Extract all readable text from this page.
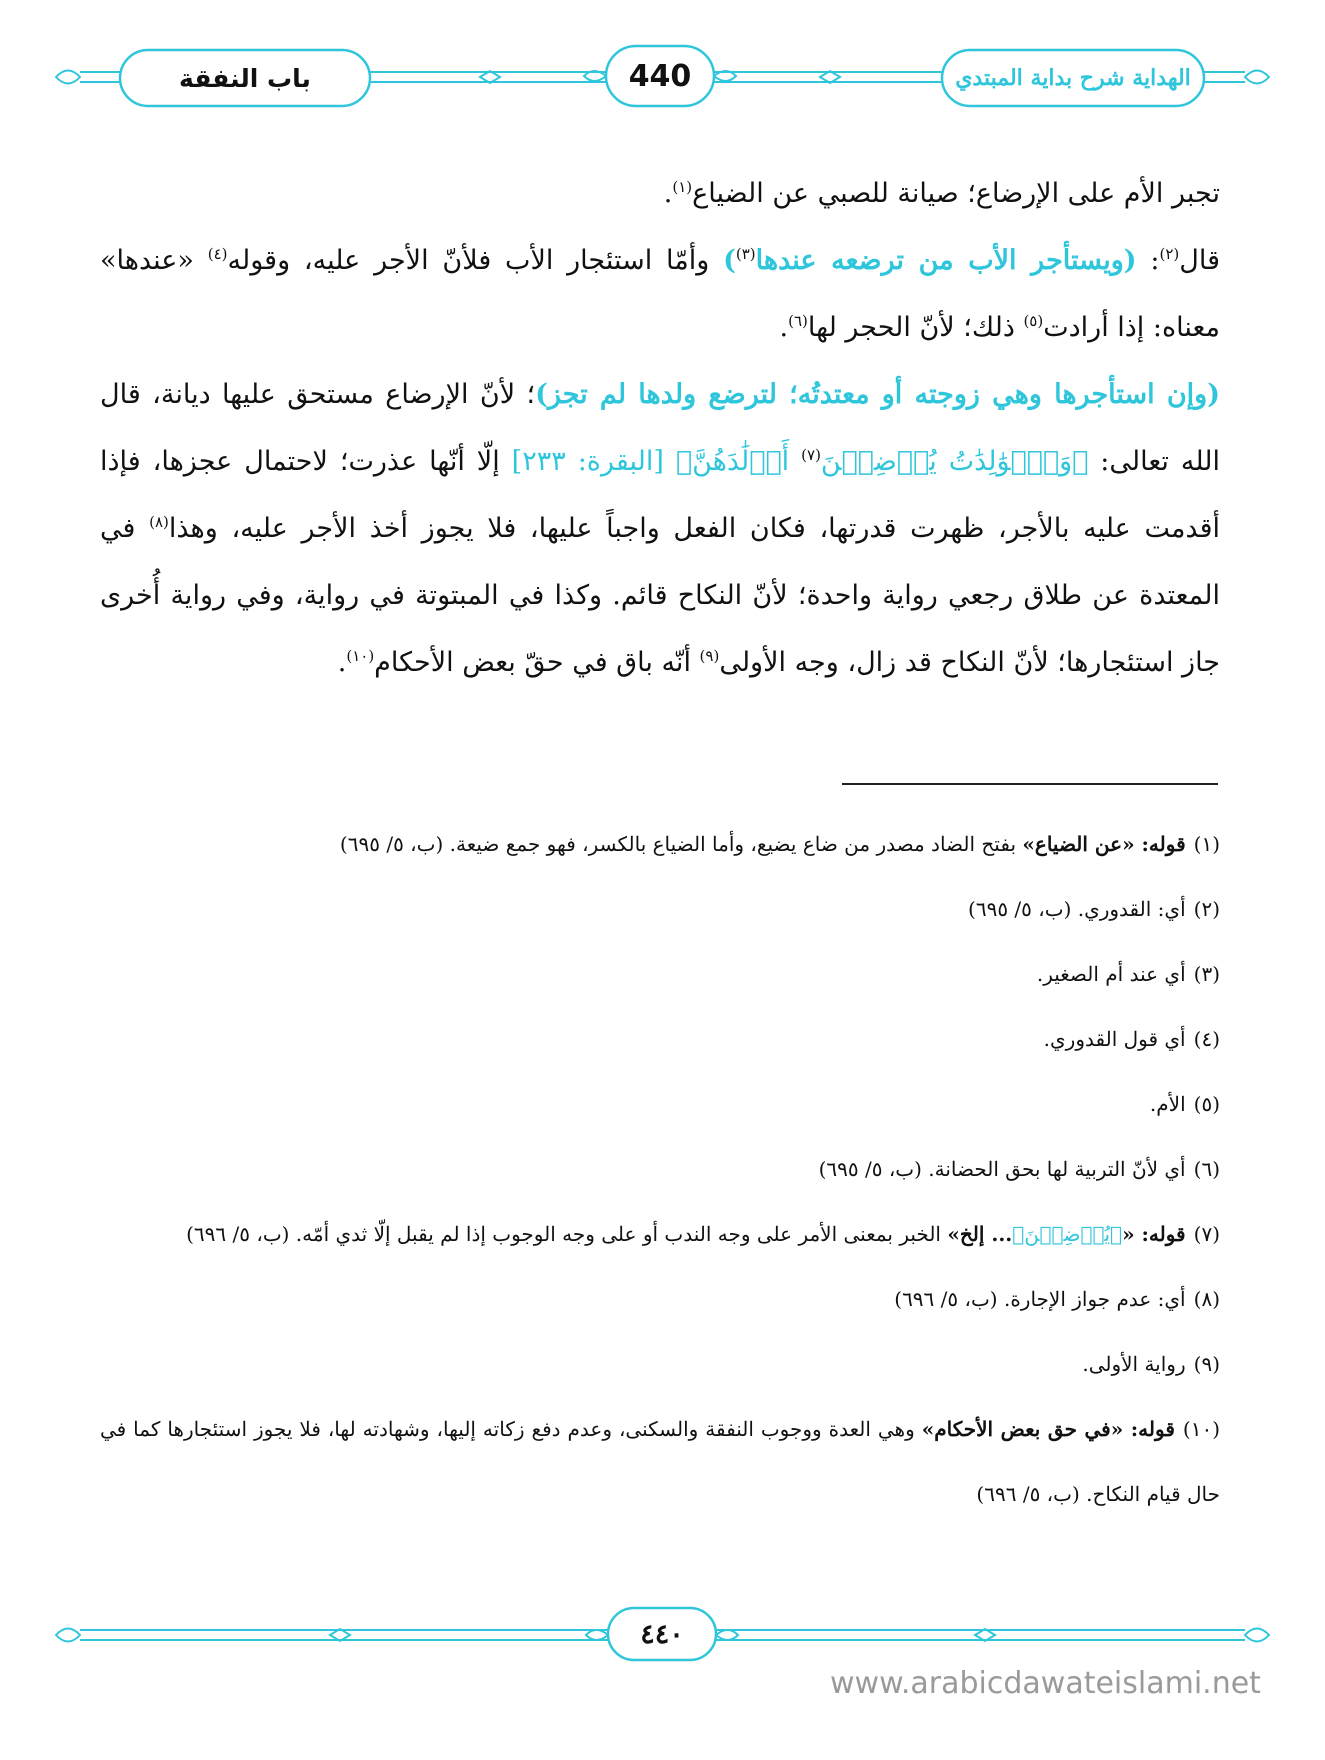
باب النفقة	440	الهداية شرح بداية المبتدي

تجبر الأم على الإرضاع؛ صيانة للصبي عن الضياع$^{(١)}$.

قال$^{(٢)}$: (ويستأجر الأب من ترضعه عندها$^{(٣)}$) وأمّا استئجار الأب فلأنّ الأجر عليه، وقوله$^{(٤)}$ «عندها» معناه: إذا أرادت$^{(٥)}$ ذلك؛ لأنّ الحجر لها$^{(٦)}$.

(وإن استأجرها وهي زوجته أو معتدتُه؛ لترضع ولدها لم تجز)؛ لأنّ الإرضاع مستحق عليها ديانة، قال الله تعالى: ﴿وَٱلۡوَٰلِدَٰتُ يُرۡضِعۡنَ$^{(٧)}$ أَوۡلَٰدَهُنَّ﴾ [البقرة: ٢٣٣] إلّا أنّها عذرت؛ لاحتمال عجزها، فإذا أقدمت عليه بالأجر، ظهرت قدرتها، فكان الفعل واجباً عليها، فلا يجوز أخذ الأجر عليه، وهذا$^{(٨)}$ في المعتدة عن طلاق رجعي رواية واحدة؛ لأنّ النكاح قائم. وكذا في المبتوتة في رواية، وفي رواية أُخرى جاز استئجارها؛ لأنّ النكاح قد زال، وجه الأولى$^{(٩)}$ أنّه باق في حقّ بعض الأحكام$^{(١٠)}$.

(١)قوله: «عن الضياع» بفتح الضاد مصدر من ضاع يضيع، وأما الضياع بالكسر، فهو جمع ضيعة. (ب، ٥/ ٦٩٥)
(٢)أي: القدوري. (ب، ٥/ ٦٩٥)
(٣)أي عند أم الصغير.
(٤)أي قول القدوري.
(٥)الأم.
(٦)أي لأنّ التربية لها بحق الحضانة. (ب، ٥/ ٦٩٥)
(٧)قوله: «﴿يُرۡضِعۡنَ﴾... إلخ» الخبر بمعنى الأمر على وجه الندب أو على وجه الوجوب إذا لم يقبل إلّا ثدي أمّه. (ب، ٥/ ٦٩٦)
(٨)أي: عدم جواز الإجارة. (ب، ٥/ ٦٩٦)
(٩)رواية الأولى.
(١٠)قوله: «في حق بعض الأحكام» وهي العدة ووجوب النفقة والسكنى، وعدم دفع زكاته إليها، وشهادته لها، فلا يجوز استئجارها كما في حال قيام النكاح. (ب، ٥/ ٦٩٦)
٤٤٠
www.arabicdawateislami.net
